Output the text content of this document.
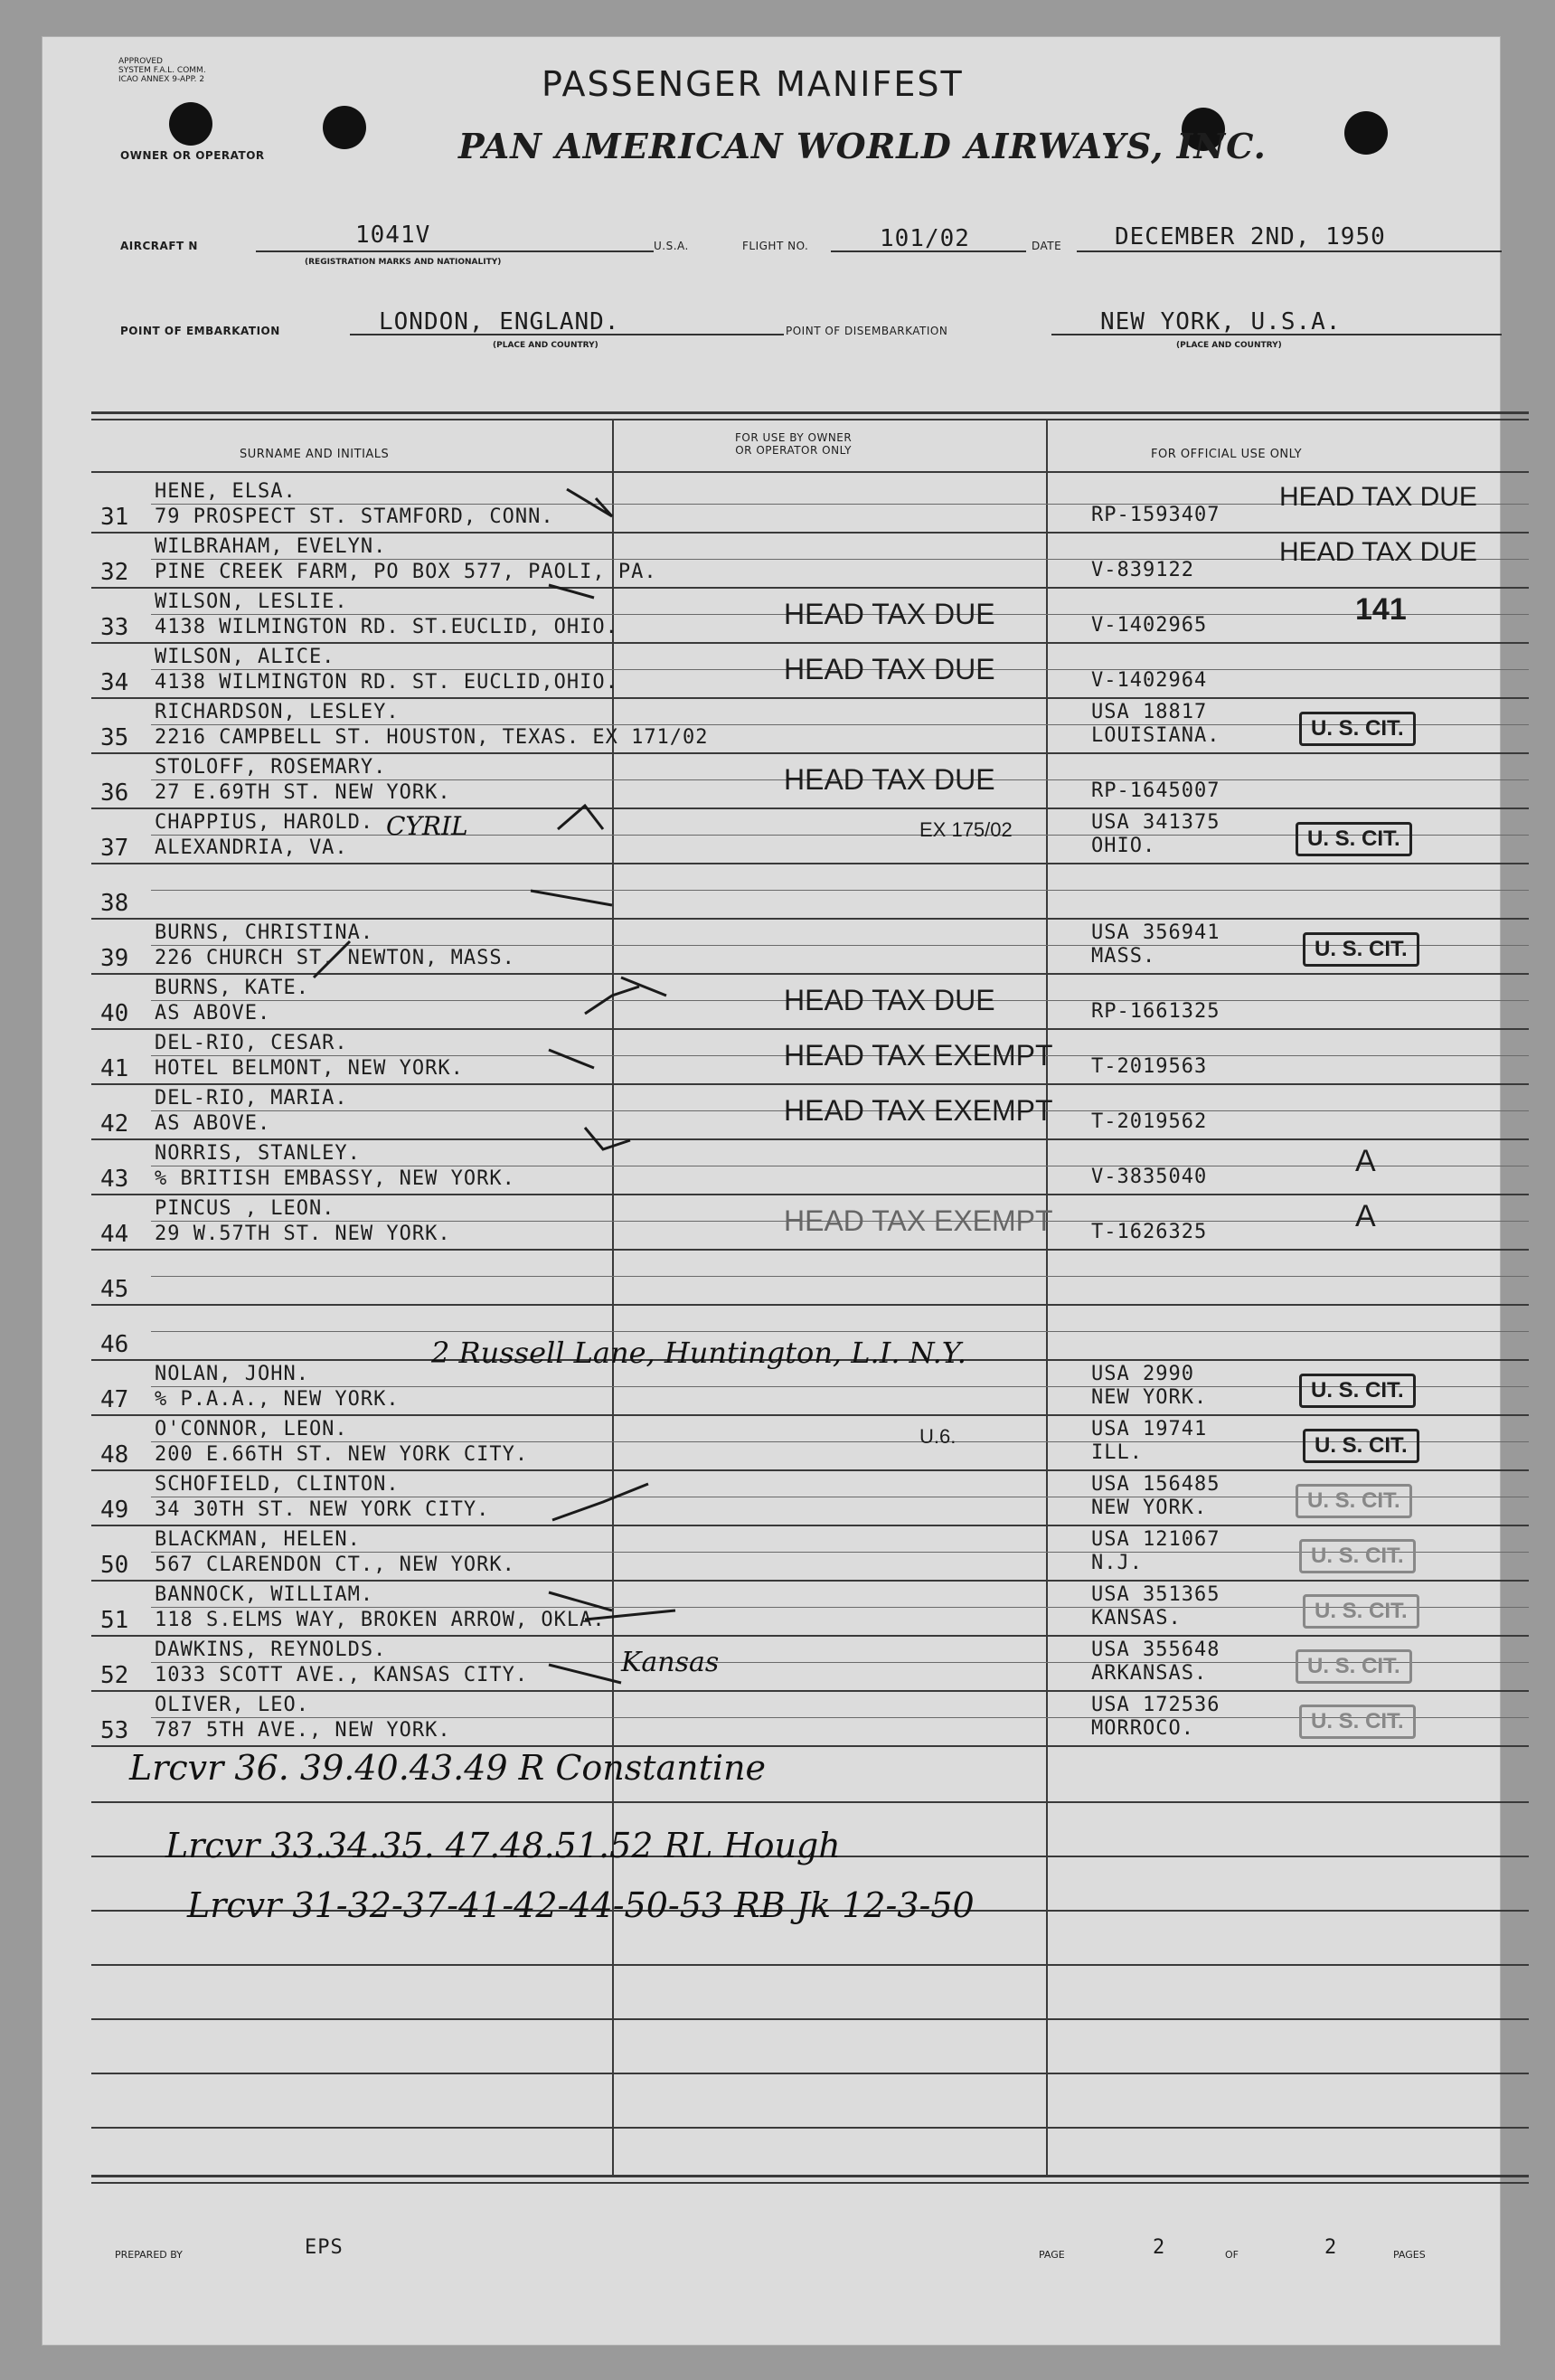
APPROVED
SYSTEM F.A.L. COMM.
ICAO ANNEX 9-APP. 2	PASSENGER MANIFEST
PAN AMERICAN WORLD AIRWAYS, INC.
OWNER OR OPERATOR
AIRCRAFT N	1041V
(REGISTRATION MARKS AND NATIONALITY)
U.S.A.	FLIGHT NO.	101/02	DATE DECEMBER 2ND, 1950
POINT OF EMBARKATION	LONDON, ENGLAND.
(PLACE AND COUNTRY)
POINT OF DISEMBARKATION	NEW YORK, U.S.A.
(PLACE AND COUNTRY)
SURNAME AND INITIALS
FOR USE BY OWNER
OR OPERATOR ONLY	FOR OFFICIAL USE ONLY
31
HENE, ELSA.
79 PROSPECT ST. STAMFORD, CONN.	RP-1593407
HEAD TAX DUE
32
WILBRAHAM, EVELYN.
PINE CREEK FARM, PO BOX 577, PAOLI, PA.	V-839122
HEAD TAX DUE
33
WILSON, LESLIE.
4138 WILMINGTON RD. ST.EUCLID, OHIO.	HEAD TAX DUE	V-1402965	141
34
WILSON, ALICE.
4138 WILMINGTON RD. ST. EUCLID,OHIO.	HEAD TAX DUE	V-1402964
35
RICHARDSON, LESLEY.
2216 CAMPBELL ST. HOUSTON, TEXAS. EX 171/02
USA 18817
LOUISIANA.	U. S. CIT.
36
STOLOFF, ROSEMARY.
27 E.69TH ST. NEW YORK.	HEAD TAX DUE	RP-1645007
37
CHAPPIUS, HAROLD.
ALEXANDRIA, VA.
EX 175/02	USA 341375
OHIO.	U. S. CIT.
38
39
BURNS, CHRISTINA.
226 CHURCH ST. NEWTON, MASS.
USA 356941
MASS.	U. S. CIT.
40
BURNS, KATE.
AS ABOVE.	HEAD TAX DUE	RP-1661325
41
DEL-RIO, CESAR.
HOTEL BELMONT, NEW YORK.	HEAD TAX EXEMPT T-2019563
42
DEL-RIO, MARIA.
AS ABOVE.	HEAD TAX EXEMPT T-2019562
43
NORRIS, STANLEY.
% BRITISH EMBASSY, NEW YORK.	V-3835040	A
44
PINCUS , LEON.
29 W.57TH ST. NEW YORK.	HEAD TAX EXEMPT T-1626325	A
45
46
47
NOLAN, JOHN.
% P.A.A., NEW YORK.
USA 2990
NEW YORK.	U. S. CIT.
48
O'CONNOR, LEON.
200 E.66TH ST. NEW YORK CITY.
U.6.	USA 19741
ILL.	U. S. CIT.
49
SCHOFIELD, CLINTON.
34 30TH ST. NEW YORK CITY.
USA 156485
NEW YORK.	U. S. CIT.
50
BLACKMAN, HELEN.
567 CLARENDON CT., NEW YORK.
USA 121067
N.J.	U. S. CIT.
51
BANNOCK, WILLIAM.
118 S.ELMS WAY, BROKEN ARROW, OKLA.
USA 351365
KANSAS.	U. S. CIT.
52
DAWKINS, REYNOLDS.
1033 SCOTT AVE., KANSAS CITY.
USA 355648
ARKANSAS.	U. S. CIT.
53
OLIVER, LEO.
787 5TH AVE., NEW YORK.
USA 172536
MORROCO.	U. S. CIT.
CYRIL
2 Russell Lane, Huntington, L.I. N.Y.
Kansas
Lrcvr 36. 39.40.43.49 R Constantine
Lrcvr 33.34.35. 47.48.51.52 RL Hough
Lrcvr 31-32-37-41-42-44-50-53 RB Jk 12-3-50
PREPARED BY	EPS	PAGE	2	OF	2	PAGES
